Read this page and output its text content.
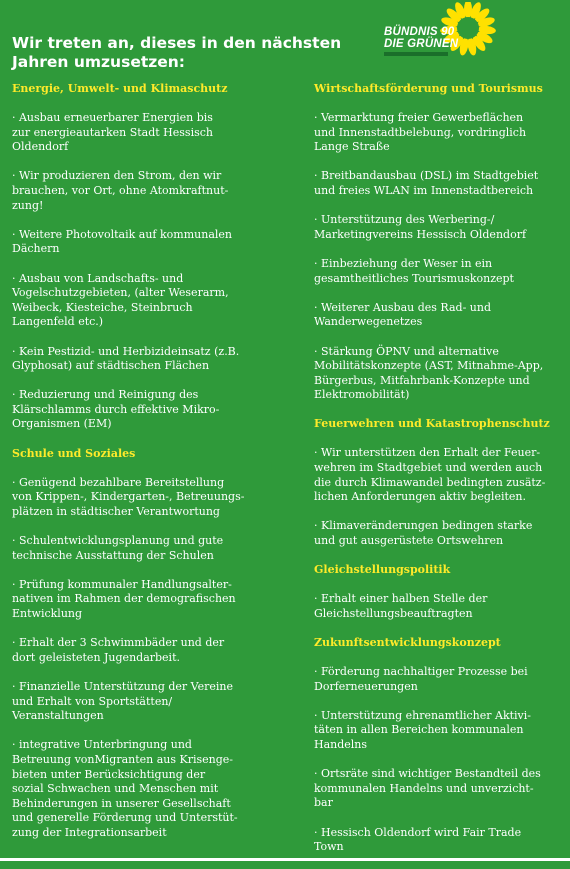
Wir treten an, dieses in den nächsten
Jahren umzusetzen:
BÜNDNIS 90
DIE GRÜNEN
Energie, Umwelt- und Klimaschutz
· Ausbau erneuerbarer Energien bis
zur energieautarken Stadt Hessisch
Oldendorf
· Wir produzieren den Strom, den wir
brauchen, vor Ort, ohne Atomkraftnut-
zung!
· Weitere Photovoltaik auf kommunalen
Dächern
· Ausbau von Landschafts- und
Vogelschutzgebieten, (alter Weserarm,
Weibeck, Kiesteiche, Steinbruch
Langenfeld etc.)
· Kein Pestizid- und Herbizideinsatz (z.B.
Glyphosat) auf städtischen Flächen
· Reduzierung und Reinigung des
Klärschlamms durch effektive Mikro-
Organismen (EM)
Schule und Soziales
· Genügend bezahlbare Bereitstellung
von Krippen-, Kindergarten-, Betreuungs-
plätzen in städtischer Verantwortung
· Schulentwicklungsplanung und gute
technische Ausstattung der Schulen
· Prüfung kommunaler Handlungsalter-
nativen im Rahmen der demografischen
Entwicklung
· Erhalt der 3 Schwimmbäder und der
dort geleisteten Jugendarbeit.
· Finanzielle Unterstützung der Vereine
und Erhalt von Sportstätten/
Veranstaltungen
· integrative Unterbringung und
Betreuung vonMigranten aus Krisenge-
bieten unter Berücksichtigung der
sozial Schwachen und Menschen mit
Behinderungen in unserer Gesellschaft
und generelle Förderung und Unterstüt-
zung der Integrationsarbeit
Wirtschaftsförderung und Tourismus
· Vermarktung freier Gewerbeflächen
und Innenstadtbelebung, vordringlich
Lange Straße
· Breitbandausbau (DSL) im Stadtgebiet
und freies WLAN im Innenstadtbereich
· Unterstützung des Werbering-/
Marketingvereins Hessisch Oldendorf
· Einbeziehung der Weser in ein
gesamtheitliches Tourismuskonzept
· Weiterer Ausbau des Rad- und
Wanderwegenetzes
· Stärkung ÖPNV und alternative
Mobilitätskonzepte (AST, Mitnahme-App,
Bürgerbus, Mitfahrbank-Konzepte und
Elektromobilität)
Feuerwehren und Katastrophenschutz
· Wir unterstützen den Erhalt der Feuer-
wehren im Stadtgebiet und werden auch
die durch Klimawandel bedingten zusätz-
lichen Anforderungen aktiv begleiten.
· Klimaveränderungen bedingen starke
und gut ausgerüstete Ortswehren
Gleichstellungspolitik
· Erhalt einer halben Stelle der
Gleichstellungsbeauftragten
Zukunftsentwicklungskonzept
· Förderung nachhaltiger Prozesse bei
Dorferneuerungen
· Unterstützung ehrenamtlicher Aktivi-
täten in allen Bereichen kommunalen
Handelns
· Ortsräte sind wichtiger Bestandteil des
kommunalen Handelns und unverzicht-
bar
· Hessisch Oldendorf wird Fair Trade
Town
